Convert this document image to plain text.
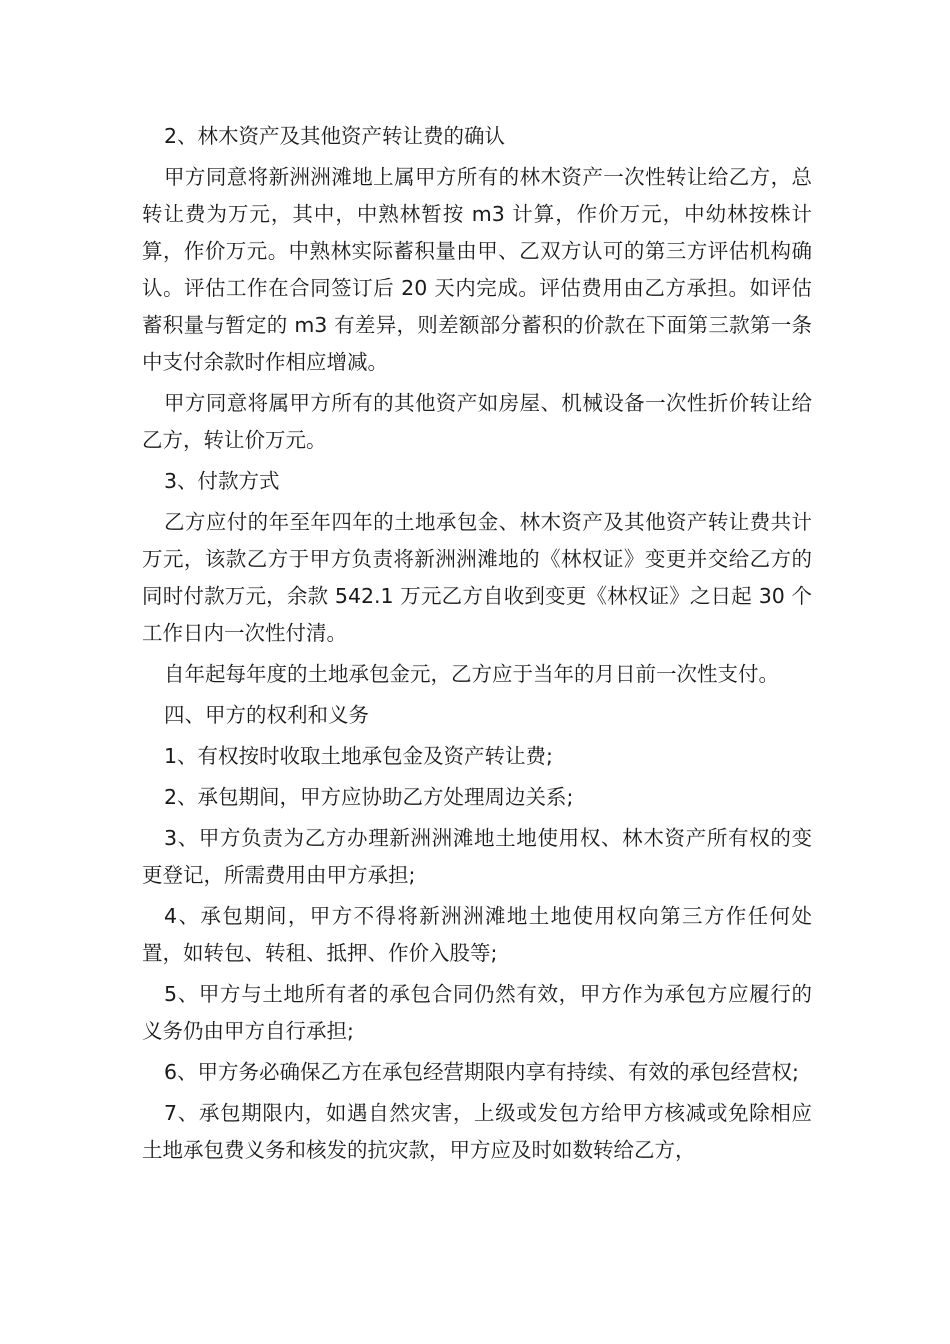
2、林木资产及其他资产转让费的确认

甲方同意将新洲洲滩地上属甲方所有的林木资产一次性转让给乙方，总转让费为万元，其中，中熟林暂按 m3 计算，作价万元，中幼林按株计算，作价万元。中熟林实际蓄积量由甲、乙双方认可的第三方评估机构确认。评估工作在合同签订后 20 天内完成。评估费用由乙方承担。如评估蓄积量与暂定的 m3 有差异，则差额部分蓄积的价款在下面第三款第一条中支付余款时作相应增减。

甲方同意将属甲方所有的其他资产如房屋、机械设备一次性折价转让给乙方，转让价万元。

3、付款方式

乙方应付的年至年四年的土地承包金、林木资产及其他资产转让费共计万元，该款乙方于甲方负责将新洲洲滩地的《林权证》变更并交给乙方的同时付款万元，余款 542.1 万元乙方自收到变更《林权证》之日起 30 个工作日内一次性付清。

自年起每年度的土地承包金元，乙方应于当年的月日前一次性支付。

四、甲方的权利和义务

1、有权按时收取土地承包金及资产转让费;

2、承包期间，甲方应协助乙方处理周边关系;

3、甲方负责为乙方办理新洲洲滩地土地使用权、林木资产所有权的变更登记，所需费用由甲方承担;

4、承包期间，甲方不得将新洲洲滩地土地使用权向第三方作任何处置，如转包、转租、抵押、作价入股等;

5、甲方与土地所有者的承包合同仍然有效，甲方作为承包方应履行的义务仍由甲方自行承担;

6、甲方务必确保乙方在承包经营期限内享有持续、有效的承包经营权;

7、承包期限内，如遇自然灾害，上级或发包方给甲方核减或免除相应土地承包费义务和核发的抗灾款，甲方应及时如数转给乙方，
